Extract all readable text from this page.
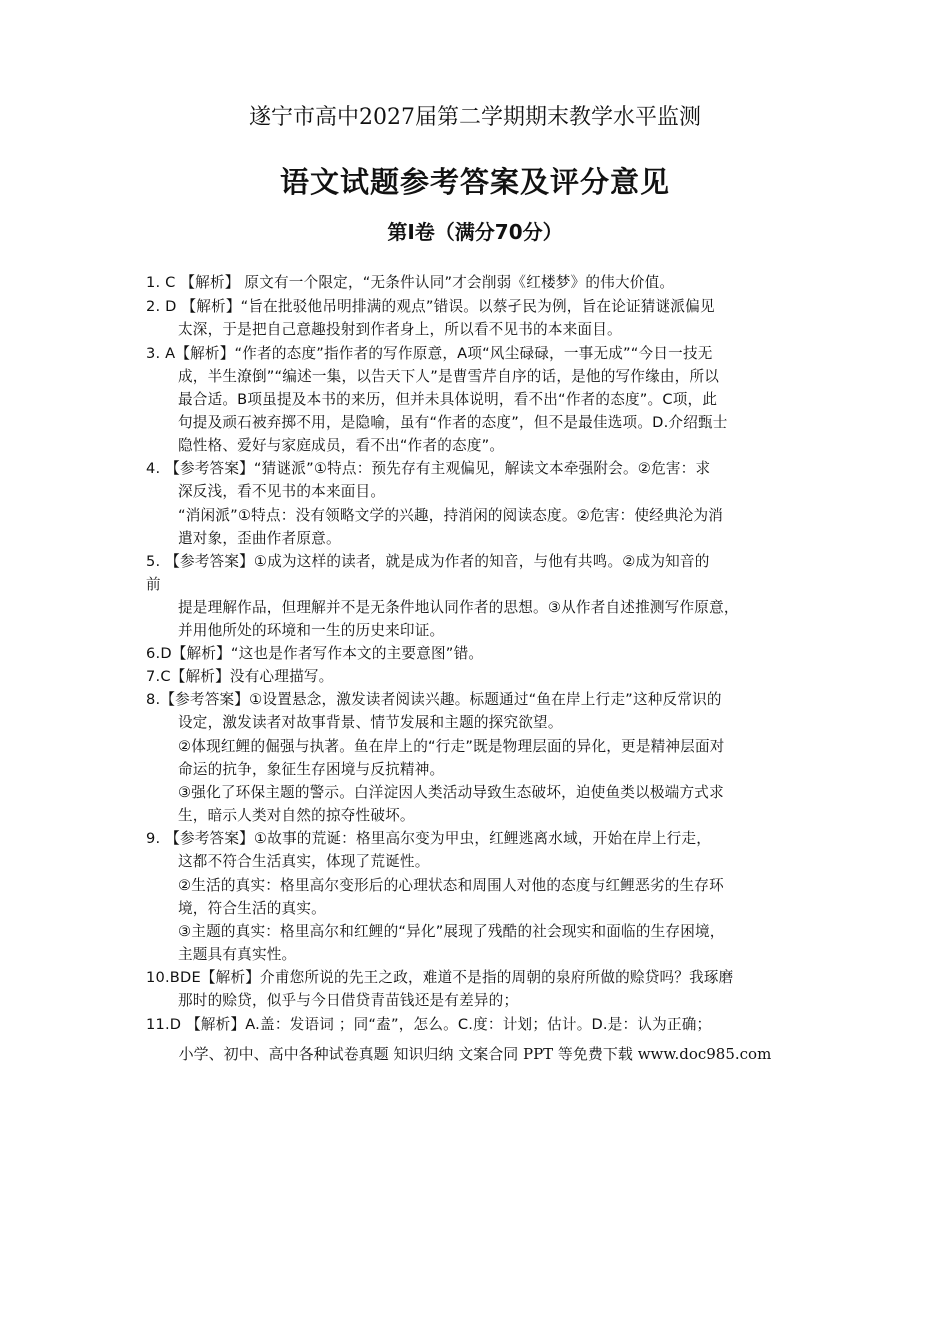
遂宁市高中2027届第二学期期末教学水平监测
语文试题参考答案及评分意见
第Ⅰ卷（满分70分）
1. C 【解析】 原文有一个限定，“无条件认同”才会削弱《红楼梦》的伟大价值。
2. D 【解析】“旨在批驳他吊明排满的观点”错误。以蔡孑民为例，旨在论证猜谜派偏见
太深，于是把自己意趣投射到作者身上，所以看不见书的本来面目。
3. A【解析】“作者的态度”指作者的写作原意，A项“风尘碌碌，一事无成”“今日一技无
成，半生潦倒”“编述一集，以告天下人”是曹雪芹自序的话，是他的写作缘由，所以
最合适。B项虽提及本书的来历，但并未具体说明，看不出“作者的态度”。C项，此
句提及顽石被弃掷不用，是隐喻，虽有“作者的态度”，但不是最佳选项。D.介绍甄士
隐性格、爱好与家庭成员，看不出“作者的态度”。
4. 【参考答案】“猜谜派”①特点：预先存有主观偏见，解读文本牵强附会。②危害：求
深反浅，看不见书的本来面目。
“消闲派”①特点：没有领略文学的兴趣，持消闲的阅读态度。②危害：使经典沦为消
遣对象，歪曲作者原意。
5. 【参考答案】①成为这样的读者，就是成为作者的知音，与他有共鸣。②成为知音的
前
提是理解作品，但理解并不是无条件地认同作者的思想。③从作者自述推测写作原意，
并用他所处的环境和一生的历史来印证。
6.D【解析】“这也是作者写作本文的主要意图”错。
7.C【解析】没有心理描写。
8.【参考答案】①设置悬念，激发读者阅读兴趣。标题通过“鱼在岸上行走”这种反常识的
设定，激发读者对故事背景、情节发展和主题的探究欲望。
②体现红鲤的倔强与执著。鱼在岸上的“行走”既是物理层面的异化，更是精神层面对
命运的抗争，象征生存困境与反抗精神。
③强化了环保主题的警示。白洋淀因人类活动导致生态破坏，迫使鱼类以极端方式求
生，暗示人类对自然的掠夺性破坏。
9. 【参考答案】①故事的荒诞：格里高尔变为甲虫，红鲤逃离水域，开始在岸上行走，
这都不符合生活真实，体现了荒诞性。
②生活的真实：格里高尔变形后的心理状态和周围人对他的态度与红鲤恶劣的生存环
境，符合生活的真实。
③主题的真实：格里高尔和红鲤的“异化”展现了残酷的社会现实和面临的生存困境，
主题具有真实性。
10.BDE【解析】介甫您所说的先王之政，难道不是指的周朝的泉府所做的赊贷吗？我琢磨
那时的赊贷，似乎与今日借贷青苗钱还是有差异的；
11.D 【解析】A.盖：发语词 ；同“盍”，怎么。C.度：计划；估计。D.是：认为正确；
小学、初中、高中各种试卷真题 知识归纳 文案合同 PPT 等免费下载 www.doc985.com
